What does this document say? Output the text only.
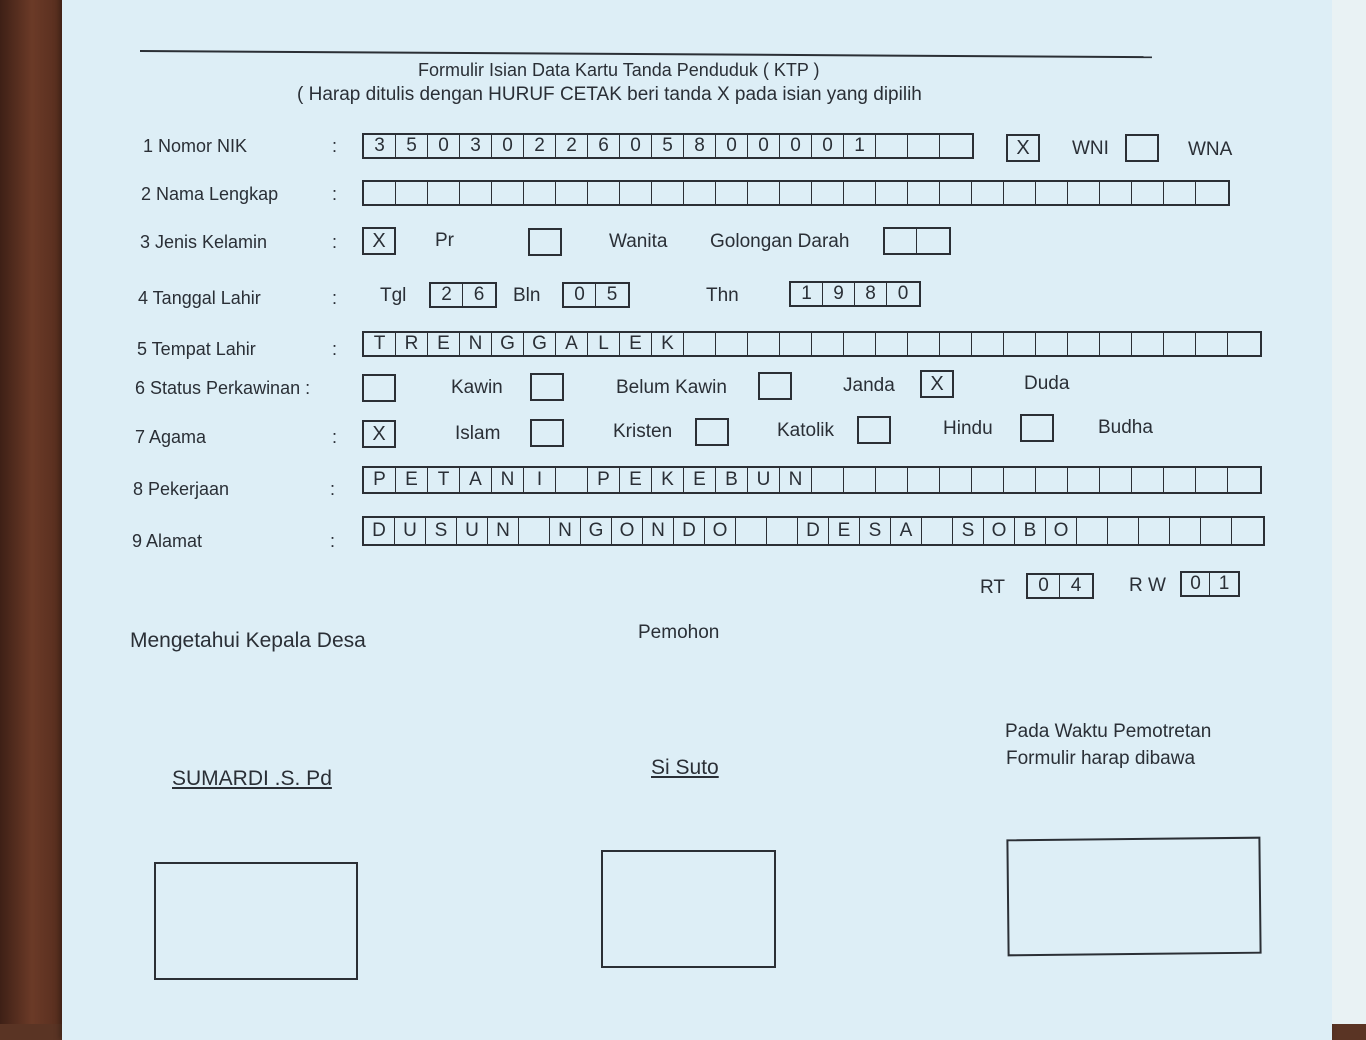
Formulir Isian Data Kartu Tanda Penduduk ( KTP )
( Harap ditulis dengan HURUF CETAK beri tanda X pada isian yang dipilih
1 Nomor NIK	:	3	5	0	3	0	2	2	6	0	5	8	0	0	0	0	1	X	WNI	WNA
2 Nama Lengkap	:
3 Jenis Kelamin	:	X	Pr	Wanita Golongan Darah
4 Tanggal Lahir	: Tgl	2	6	Bln	0	5	Thn	1	9	8	0
5 Tempat Lahir	:	T	R E N G G A	L	E	K
6 Status Perkawinan :	Kawin	Belum Kawin	Janda	X	Duda
7 Agama	:	X	Islam	Kristen	Katolik	Hindu	Budha
8 Pekerjaan	:	P	E	T	A N	I	P	E	K	E	B U N
9 Alamat	:	D U S U N	N G O N D O	D E S A	S O B O
RT	0	4	R W	0 1
Mengetahui Kepala Desa	Pemohon
Pada Waktu Pemotretan
Formulir harap dibawa
SUMARDI .S. Pd	Si Suto
